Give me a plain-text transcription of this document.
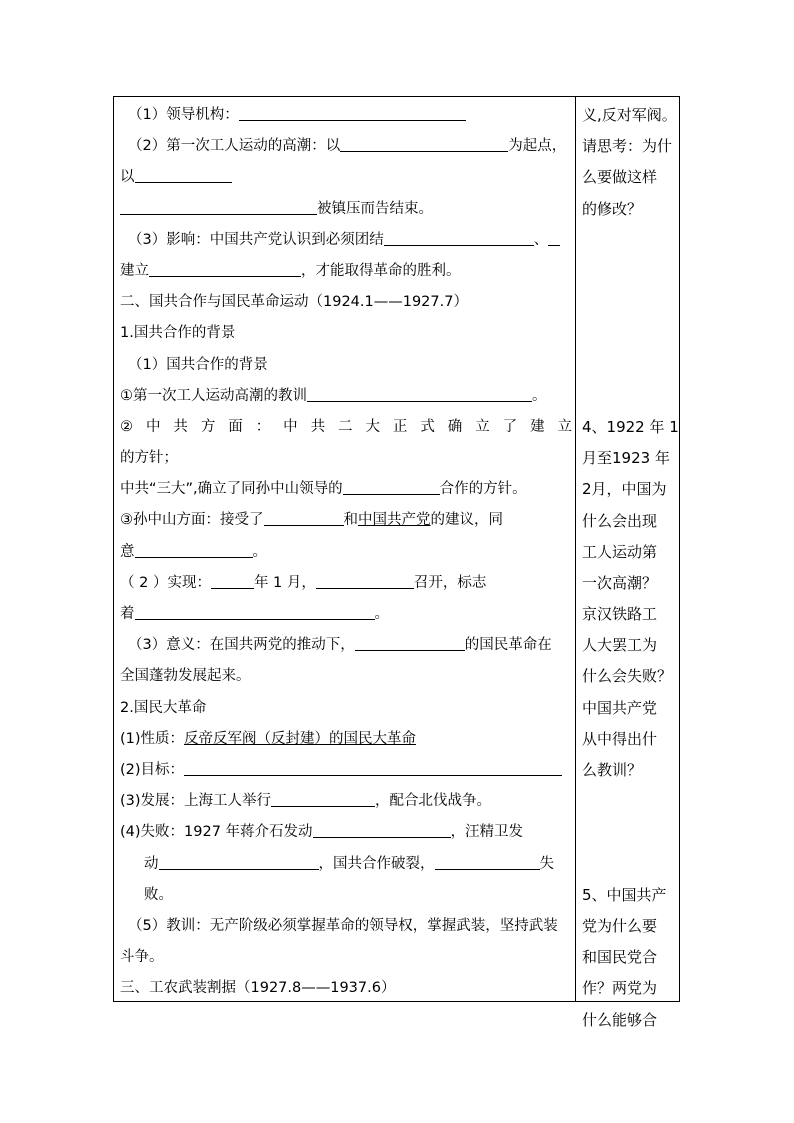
（1）领导机构：
（2）第一次工人运动的高潮：以	为起点，
以
被镇压而告结束。
（3）影响：中国共产党认识到必须团结	、
建立	，才能取得革命的胜利。
二、国共合作与国民革命运动（1924.1——1927.7）
1.国共合作的背景
（1）国共合作的背景
①第一次工人运动高潮的教训	。
② 中 共 方 面 ： 中 共 二 大 正 式 确 立 了 建 立
的方针；
中共“三大”,确立了同孙中山领导的	合作的方针。
③孙中山方面：接受了	和中国共产党的建议，同
意	。
（ 2 ）实现：	年 1 月，	召开，标志
着	。
（3）意义：在国共两党的推动下，	的国民革命在
全国蓬勃发展起来。
2.国民大革命
(1)性质：反帝反军阀（反封建）的国民大革命
(2)目标：
(3)发展：上海工人举行	，配合北伐战争。
(4)失败：1927 年蒋介石发动	，汪精卫发
动	，国共合作破裂，	失
败。
（5）教训：无产阶级必须掌握革命的领导权，掌握武装，坚持武装
斗争。
三、工农武装割据（1927.8——1937.6）
义,反对军阀。
请思考：为什
么要做这样
的修改？
4、1922 年 1
月至1923 年
2月，中国为
什么会出现
工人运动第
一次高潮？
京汉铁路工
人大罢工为
什么会失败？
中国共产党
从中得出什
么教训？
5、中国共产
党为什么要
和国民党合
作？两党为
什么能够合
